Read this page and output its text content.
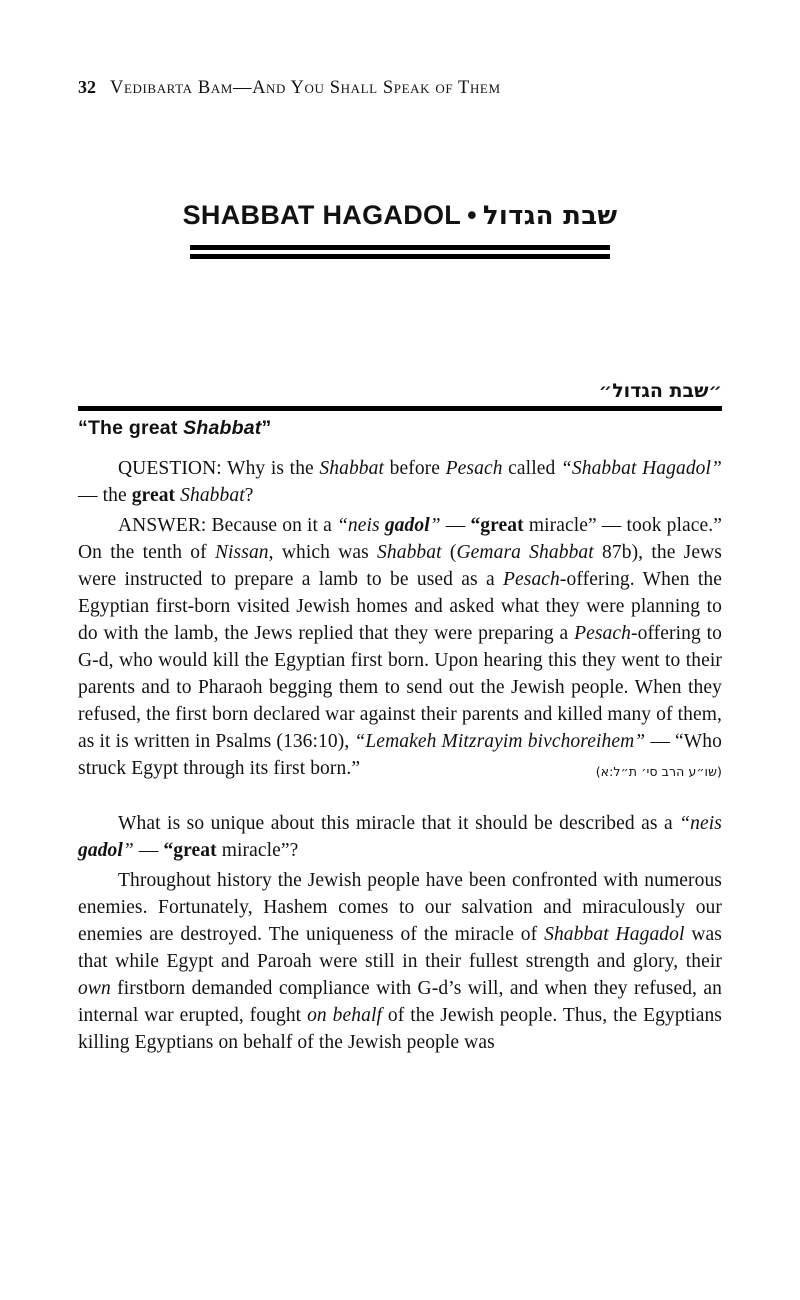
32 Vedibarta Bam—And You Shall Speak of Them
SHABBAT HAGADOL • שבת הגדול
״שבת הגדול״
“The great Shabbat”

QUESTION: Why is the Shabbat before Pesach called “Shabbat Hagadol” — the great Shabbat?

ANSWER: Because on it a “neis gadol” — “great miracle” — took place.” On the tenth of Nissan, which was Shabbat (Gemara Shabbat 87b), the Jews were instructed to prepare a lamb to be used as a Pesach-offering. When the Egyptian first-born visited Jewish homes and asked what they were planning to do with the lamb, the Jews replied that they were preparing a Pesach-offering to G-d, who would kill the Egyptian first born. Upon hearing this they went to their parents and to Pharaoh begging them to send out the Jewish people. When they refused, the first born declared war against their parents and killed many of them, as it is written in Psalms (136:10), “Lemakeh Mitzrayim bivchoreihem” — “Who struck Egypt through its first born.”	(שו״ע הרב סי׳ ת״ל:א)

What is so unique about this miracle that it should be described as a “neis gadol” — “great miracle”?

Throughout history the Jewish people have been confronted with numerous enemies. Fortunately, Hashem comes to our salvation and miraculously our enemies are destroyed. The uniqueness of the miracle of Shabbat Hagadol was that while Egypt and Paroah were still in their fullest strength and glory, their own firstborn demanded compliance with G-d’s will, and when they refused, an internal war erupted, fought on behalf of the Jewish people. Thus, the Egyptians killing Egyptians on behalf of the Jewish people was
